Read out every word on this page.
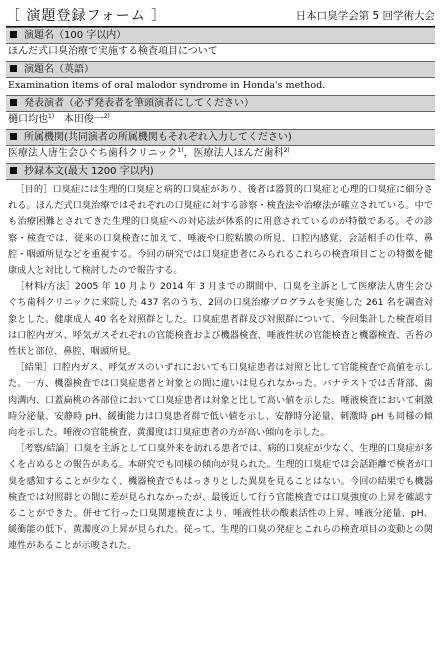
［ 演題登録フォーム ］	日本口臭学会第 5 回学術大会
演題名（100 字以内）
ほんだ式口臭治療で実施する検査項目について
演題名（英語）
Examination items of oral malodor syndrome in Honda's method.
発表演者（必ず発表者を筆頭演者にしてください）
樋口均也$^{1)}$ 本田俊一$^{2)}$
所属機関(共同演者の所属機関もそれぞれ入力してください)
医療法人唐生会ひぐち歯科クリニック$^{1)}$，医療法人ほんだ歯科$^{2)}$
抄録本文(最大 1200 字以内)

［目的］口臭症には生理的口臭症と病的口臭症があり、後者は器質的口臭症と心理的口臭症に細分される。ほんだ式口臭治療ではそれぞれの口臭症に対する診察・検査法や治療法が確立されている。中でも治療困難とされてきた生理的口臭症への対応法が体系的に用意されているのが特徴である。その診察・検査では、従来の口臭検査に加えて、唾液や口腔粘膜の所見、口腔内感覚、会話相手の仕草、鼻腔・咽頭所見などを重視する。今回の研究では口臭症患者にみられるこれらの検査項目ごとの特徴を健康成人と対比して検討したので報告する。

［材料/方法］2005 年 10 月より 2014 年 3 月までの期間中、口臭を主訴として医療法人唐生会ひぐち歯科クリニックに来院した 437 名のうち、2回の口臭治療プログラムを実施した 261 名を調査対象とした。健康成人 40 名を対照群とした。口臭症患者群及び対照群について、今回集計した検査項目は口腔内ガス、呼気ガスそれぞれの官能検査および機器検査、唾液性状の官能検査と機器検査、舌苔の性状と部位、鼻腔、咽頭所見。

［結果］口腔内ガス、呼気ガスのいずれにおいても口臭症患者は対照と比して官能検査で高値を示した。一方、機器検査では口臭症患者と対象との間に違いは見られなかった。バナテストでは舌背部、歯肉溝内、口蓋扁桃の各部位において口臭症患者は対象と比して高い値を示した。唾液検査において刺激時分泌量、安静時 pH、緩衝能力は口臭患者群で低い値を示し、安静時分泌量、刺激時 pH も同様の傾向を示した。唾液の官能検査、黄濁度は口臭症患者の方が高い傾向を示した。

［考察/結論］口臭を主訴として口臭外来を訪れる患者では、病的口臭症が少なく、生理的口臭症が多くを占めるとの報告がある。本研究でも同様の傾向が見られた。生理的口臭症では会話距離で検者が口臭を感知することが少なく、機器検査でもはっきりとした異臭を見ることはない。今回の結果でも機器検査では対照群との間に差が見られなかったが、最後近して行う官能検査では口臭強度の上昇を確認することができた。併せて行った口臭関連検査により、唾液性状の酸素活性の上昇、唾液分泌量、pH、緩衝能の低下、黄濁度の上昇が見られた。従って、生理的口臭の発症とこれらの検査項目の変動との関連性があることが示唆された。
